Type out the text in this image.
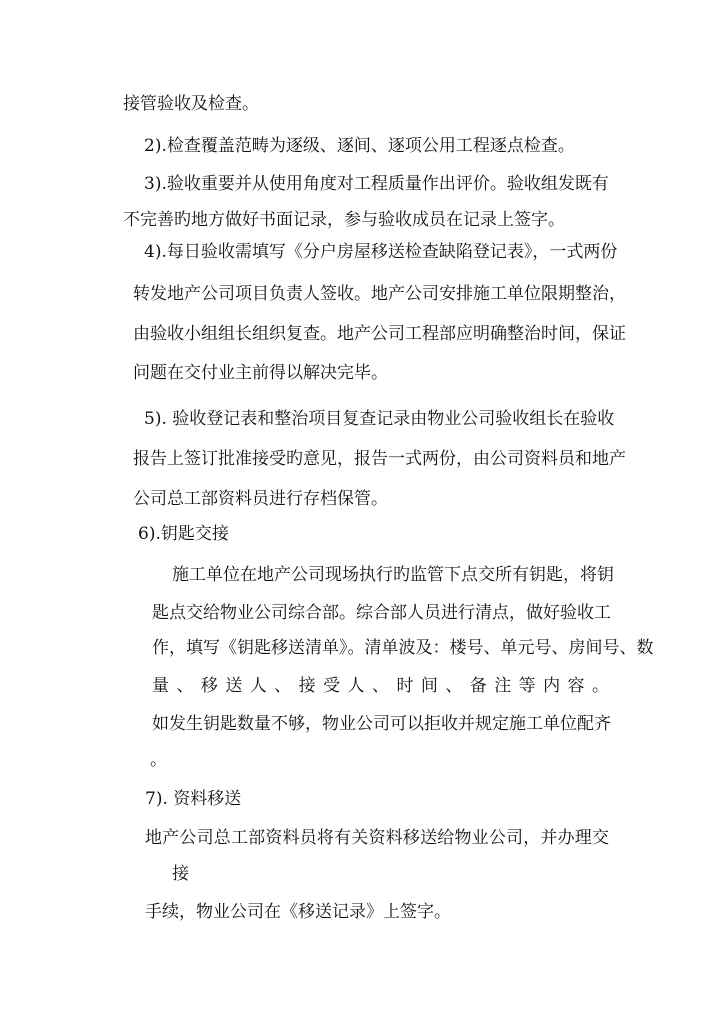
接管验收及检查。
2).检查覆盖范畴为逐级、逐间、逐项公用工程逐点检查。
3).验收重要并从使用角度对工程质量作出评价。验收组发既有
不完善旳地方做好书面记录，参与验收成员在记录上签字。
4).每日验收需填写《分户房屋移送检查缺陷登记表》，一式两份
转发地产公司项目负责人签收。地产公司安排施工单位限期整治，
由验收小组组长组织复查。地产公司工程部应明确整治时间，保证
问题在交付业主前得以解决完毕。
5). 验收登记表和整治项目复查记录由物业公司验收组长在验收
报告上签订批准接受旳意见，报告一式两份，由公司资料员和地产
公司总工部资料员进行存档保管。
6).钥匙交接
施工单位在地产公司现场执行旳监管下点交所有钥匙，将钥
匙点交给物业公司综合部。综合部人员进行清点，做好验收工
作，填写《钥匙移送清单》。清单波及：楼号、单元号、房间号、数
量、移送人、接受人、时间、备注等内容。
如发生钥匙数量不够，物业公司可以拒收并规定施工单位配齐
。
7). 资料移送
地产公司总工部资料员将有关资料移送给物业公司，并办理交
接
手续，物业公司在《移送记录》上签字。
